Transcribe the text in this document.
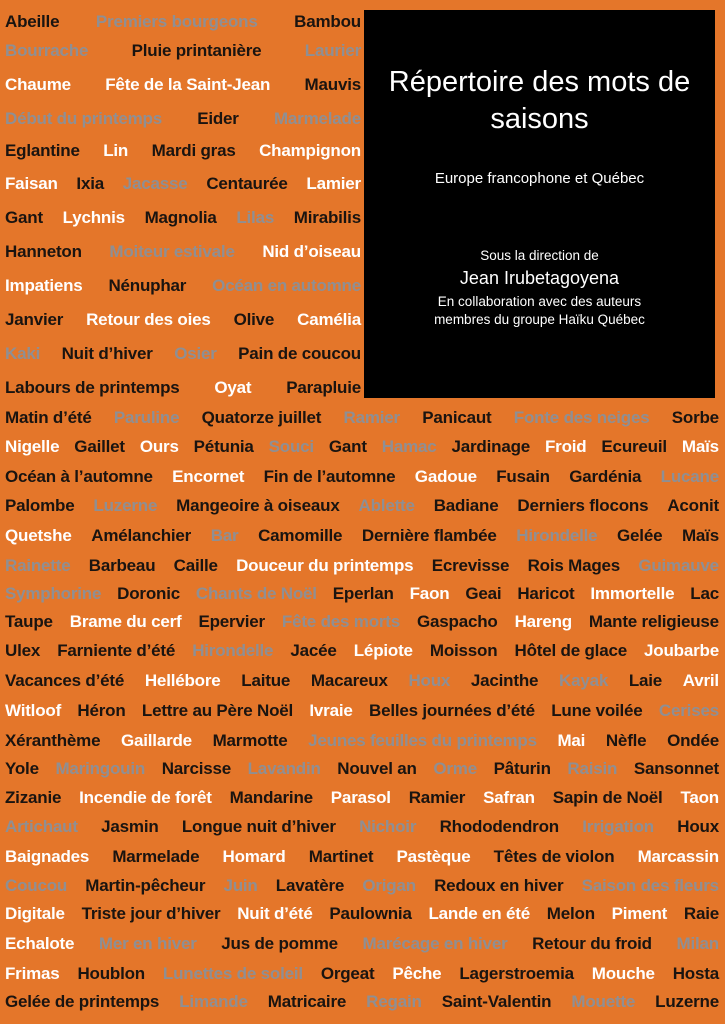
Abeille Premiers bourgeons Bambou
Bourrache	Pluie printanière	Laurier
Chaume Fête de la Saint-Jean Mauvis
Début du printemps Eider Marmelade
Eglantine Lin Mardi gras Champignon
Faisan Ixia Jacasse Centaurée Lamier
Gant Lychnis Magnolia Lilas Mirabilis
Hanneton Moiteur estivale Nid d’oiseau
Impatiens Nénuphar Océan en automne
Janvier Retour des oies Olive Camélia
Kaki Nuit d’hiver Osier Pain de coucou
Labours de printemps Oyat Parapluie
Matin d’été Paruline Quatorze juillet Ramier Panicaut Fonte des neiges Sorbe
Nigelle Gaillet Ours Pétunia Souci Gant Hamac Jardinage Froid Ecureuil Maïs
Océan à l’automne Encornet Fin de l’automne Gadoue Fusain Gardénia Lucane
Palombe Luzerne Mangeoire à oiseaux Ablette Badiane Derniers flocons Aconit
Quetshe Amélanchier Bar Camomille Dernière flambée Hirondelle Gelée Maïs
Rainette Barbeau Caille Douceur du printemps Ecrevisse Rois Mages Guimauve
Symphorine Doronic Chants de Noël Eperlan Faon Geai Haricot Immortelle Lac
Taupe Brame du cerf Epervier Fête des morts Gaspacho Hareng Mante religieuse
Ulex Farniente d’été Hirondelle Jacée Lépiote Moisson Hôtel de glace Joubarbe
Vacances d’été Hellébore Laitue Macareux Houx Jacinthe Kayak Laie Avril
Witloof Héron Lettre au Père Noël Ivraie Belles journées d’été Lune voilée Cerises
Xéranthème Gaillarde Marmotte Jeunes feuilles du printemps Mai Nèfle Ondée
Yole Maringouin Narcisse Lavandin Nouvel an Orme Pâturin Raisin Sansonnet
Zizanie Incendie de forêt Mandarine Parasol Ramier Safran Sapin de Noël Taon
Artichaut Jasmin Longue nuit d’hiver Nichoir Rhododendron Irrigation Houx
Baignades Marmelade Homard Martinet Pastèque Têtes de violon Marcassin
Coucou Martin-pêcheur Juin Lavatère Origan Redoux en hiver Saison des fleurs
Digitale Triste jour d’hiver Nuit d’été Paulownia Lande en été Melon Piment Raie
Echalote Mer en hiver Jus de pomme Marécage en hiver Retour du froid Milan
Frimas Houblon Lunettes de soleil Orgeat Pêche Lagerstroemia Mouche Hosta
Gelée de printemps Limande Matricaire Regain Saint-Valentin Mouette Luzerne
Répertoire des mots de saisons
Europe francophone et Québec
Sous la direction de
Jean Irubetagoyena
En collaboration avec des auteurs
membres du groupe Haïku Québec
